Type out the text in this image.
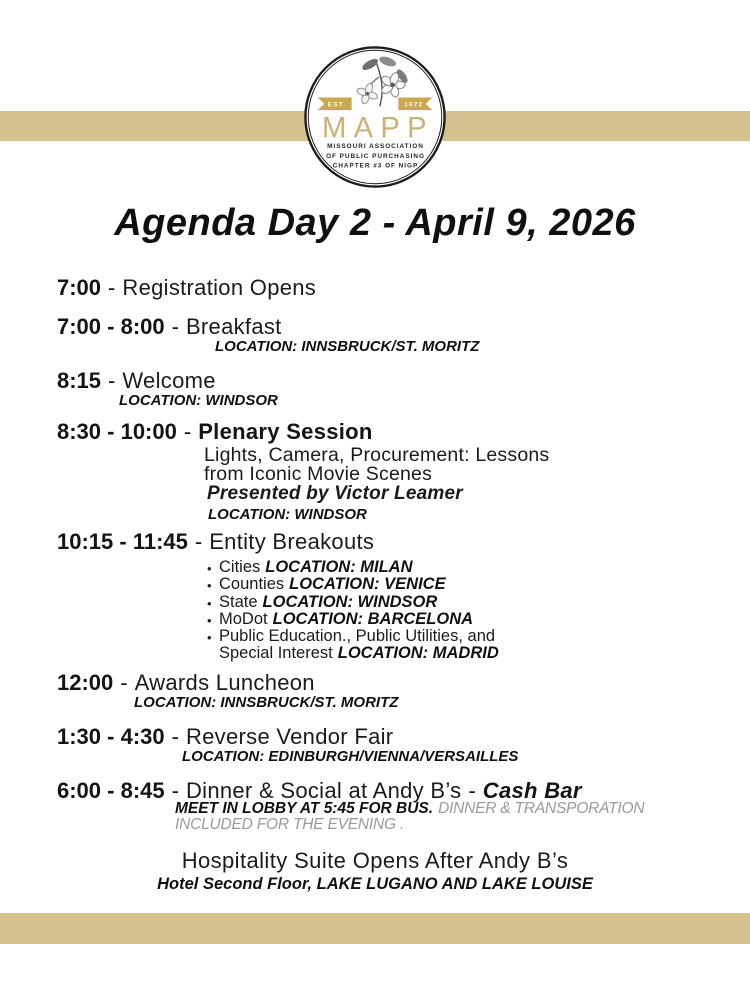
EST.	1972
MAPP
MISSOURI ASSOCIATION
OF PUBLIC PURCHASING
CHAPTER #3 OF NIGP
Agenda Day 2 - April 9, 2026
7:00 - Registration Opens
7:00 - 8:00 - Breakfast
LOCATION: INNSBRUCK/ST. MORITZ
8:15 - Welcome
LOCATION: WINDSOR
8:30 - 10:00 - Plenary Session
Lights, Camera, Procurement: Lessons
from Iconic Movie Scenes
Presented by Victor Leamer
LOCATION: WINDSOR
10:15 - 11:45 - Entity Breakouts
• Cities LOCATION: MILAN
• Counties LOCATION: VENICE
• State LOCATION: WINDSOR
• MoDot LOCATION: BARCELONA
• Public Education., Public Utilities, and
Special Interest LOCATION: MADRID
12:00 - Awards Luncheon
LOCATION: INNSBRUCK/ST. MORITZ
1:30 - 4:30 - Reverse Vendor Fair
LOCATION: EDINBURGH/VIENNA/VERSAILLES
6:00 - 8:45 - Dinner & Social at Andy B’s - Cash Bar
MEET IN LOBBY AT 5:45 FOR BUS. DINNER & TRANSPORATION
INCLUDED FOR THE EVENING .
Hospitality Suite Opens After Andy B’s
Hotel Second Floor, LAKE LUGANO AND LAKE LOUISE
